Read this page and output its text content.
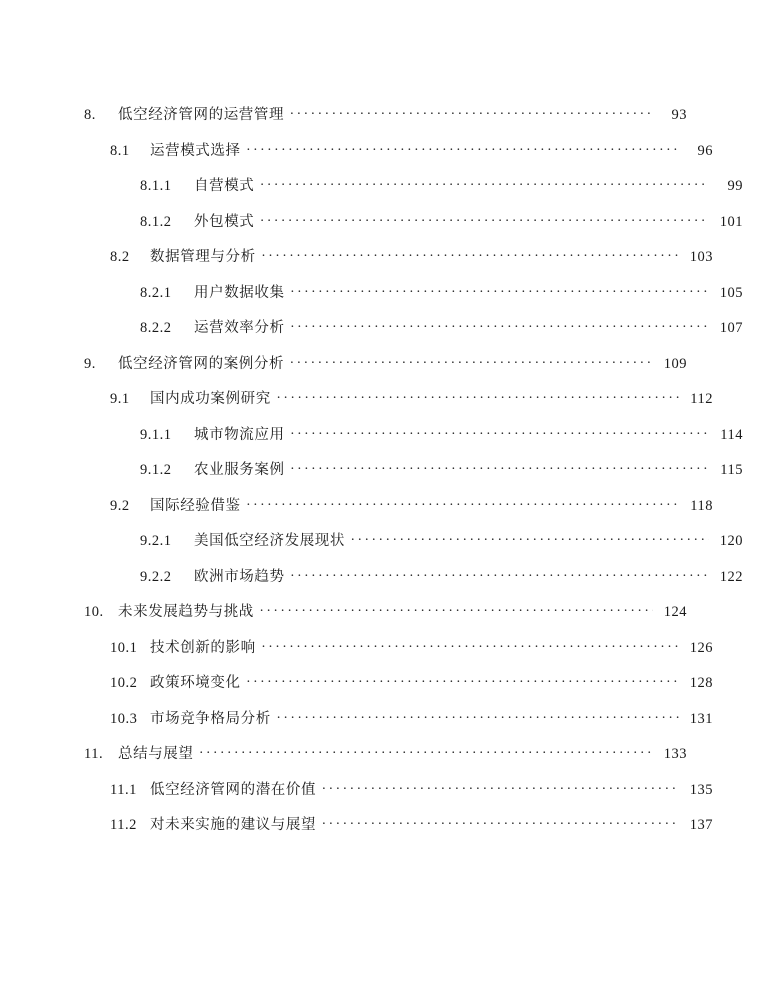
8.	低空经济管网的运营管理 . . .	93
8.1	运营模式选择 . . .	96
8.1.1	自营模式 . . .	99
8.1.2	外包模式 . . .	101
8.2	数据管理与分析 . . .	103
8.2.1	用户数据收集 . . .	105
8.2.2	运营效率分析 . . .	107
9.	低空经济管网的案例分析 . . .	109
9.1	国内成功案例研究 . . .	112
9.1.1	城市物流应用 . . .	114
9.1.2	农业服务案例 . . .	115
9.2	国际经验借鉴 . . .	118
9.2.1	美国低空经济发展现状 . . .	120
9.2.2	欧洲市场趋势 . . .	122
10. 未来发展趋势与挑战 . . .	124
10.1 技术创新的影响 . . .	126
10.2 政策环境变化 . . .	128
10.3 市场竞争格局分析 . . .	131
11.	总结与展望 . . .	133
11.1 低空经济管网的潜在价值 . . .	135
11.2 对未来实施的建议与展望 . . .	137
